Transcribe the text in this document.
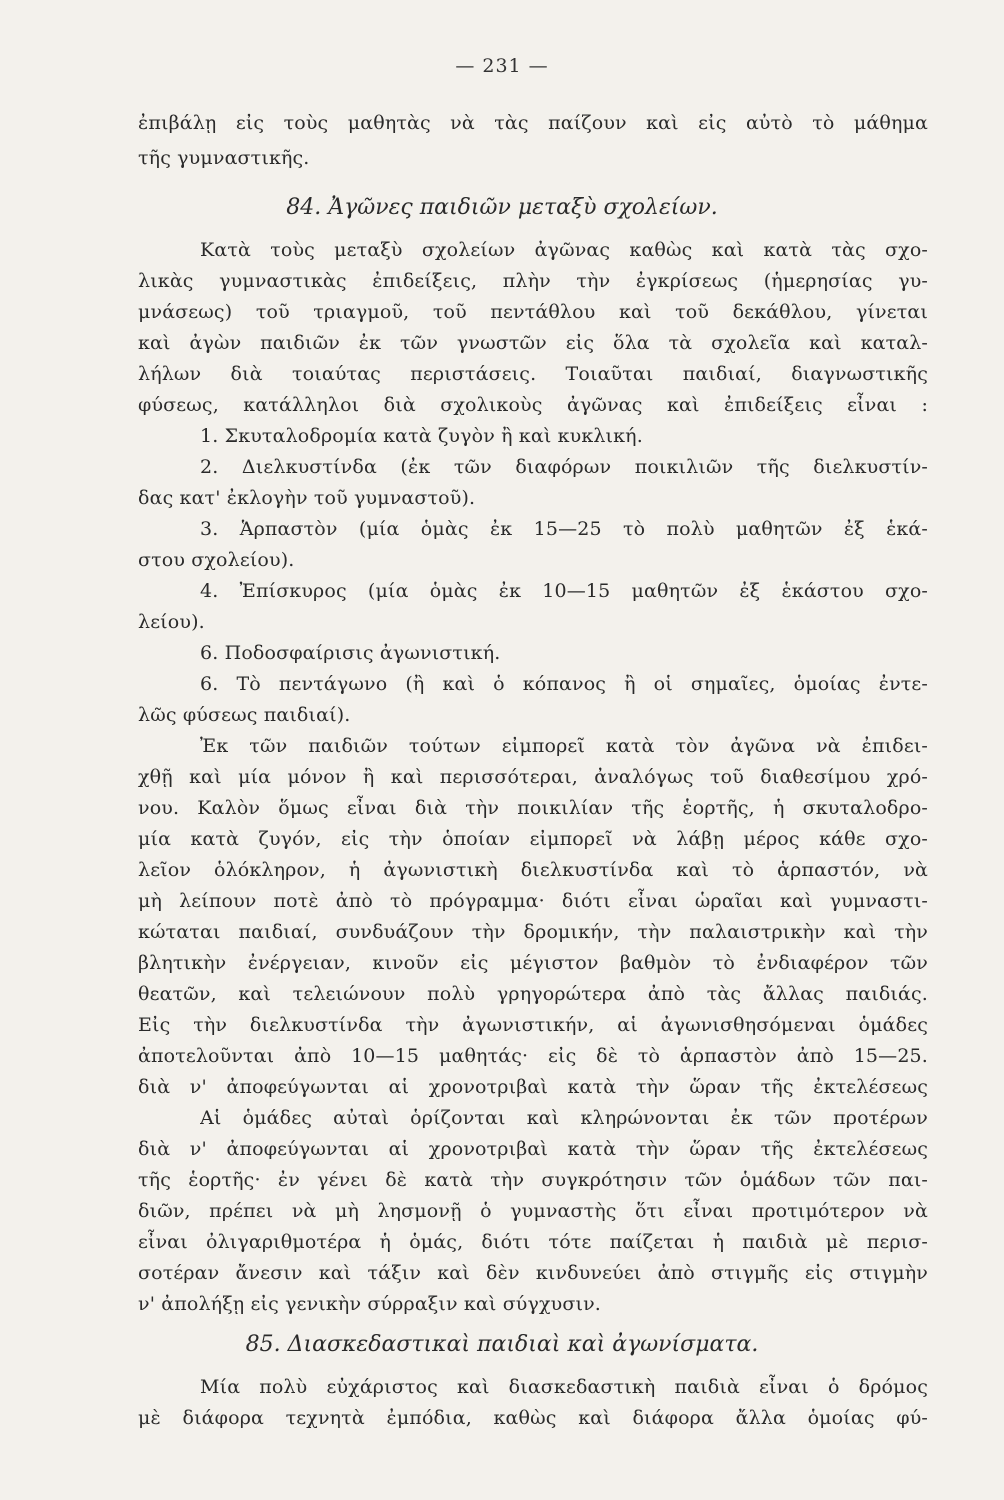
— 231 —
ἐπιβάλῃ εἰς τοὺς μαθητὰς νὰ τὰς παίζουν καὶ εἰς αὐτὸ τὸ μάθημα
τῆς γυμναστικῆς.
84. Ἀγῶνες παιδιῶν μεταξὺ σχολείων.
Κατὰ τοὺς μεταξὺ σχολείων ἀγῶνας καθὼς καὶ κατὰ τὰς σχο-
λικὰς γυμναστικὰς ἐπιδείξεις, πλὴν τὴν ἐγκρίσεως (ἡμερησίας γυ-
μνάσεως) τοῦ τριαγμοῦ, τοῦ πεντάθλου καὶ τοῦ δεκάθλου, γίνεται
καὶ ἀγὼν παιδιῶν ἐκ τῶν γνωστῶν εἰς ὅλα τὰ σχολεῖα καὶ καταλ-
λήλων διὰ τοιαύτας περιστάσεις. Τοιαῦται παιδιαί, διαγνωστικῆς
φύσεως, κατάλληλοι διὰ σχολικοὺς ἀγῶνας καὶ ἐπιδείξεις εἶναι :
1. Σκυταλοδρομία κατὰ ζυγὸν ἢ καὶ κυκλική.
2. Διελκυστίνδα (ἐκ τῶν διαφόρων ποικιλιῶν τῆς διελκυστίν-
δας κατ' ἐκλογὴν τοῦ γυμναστοῦ).
3. Ἁρπαστὸν (μία ὁμὰς ἐκ 15—25 τὸ πολὺ μαθητῶν ἐξ ἑκά-
στου σχολείου).
4. Ἐπίσκυρος (μία ὁμὰς ἐκ 10—15 μαθητῶν ἐξ ἑκάστου σχο-
λείου).
6. Ποδοσφαίρισις ἀγωνιστική.
6. Τὸ πεντάγωνο (ἢ καὶ ὁ κόπανος ἢ οἱ σημαῖες, ὁμοίας ἐντε-
λῶς φύσεως παιδιαί).
Ἐκ τῶν παιδιῶν τούτων εἰμπορεῖ κατὰ τὸν ἀγῶνα νὰ ἐπιδει-
χθῇ καὶ μία μόνον ἢ καὶ περισσότεραι, ἀναλόγως τοῦ διαθεσίμου χρό-
νου. Καλὸν ὅμως εἶναι διὰ τὴν ποικιλίαν τῆς ἑορτῆς, ἡ σκυταλοδρο-
μία κατὰ ζυγόν, εἰς τὴν ὁποίαν εἰμπορεῖ νὰ λάβῃ μέρος κάθε σχο-
λεῖον ὁλόκληρον, ἡ ἀγωνιστικὴ διελκυστίνδα καὶ τὸ ἁρπαστόν, νὰ
μὴ λείπουν ποτὲ ἀπὸ τὸ πρόγραμμα· διότι εἶναι ὡραῖαι καὶ γυμναστι-
κώταται παιδιαί, συνδυάζουν τὴν δρομικήν, τὴν παλαιστρικὴν καὶ τὴν
βλητικὴν ἐνέργειαν, κινοῦν εἰς μέγιστον βαθμὸν τὸ ἐνδιαφέρον τῶν
θεατῶν, καὶ τελειώνουν πολὺ γρηγορώτερα ἀπὸ τὰς ἄλλας παιδιάς.
Εἰς τὴν διελκυστίνδα τὴν ἀγωνιστικήν, αἱ ἀγωνισθησόμεναι ὁμάδες
ἀποτελοῦνται ἀπὸ 10—15 μαθητάς· εἰς δὲ τὸ ἁρπαστὸν ἀπὸ 15—25.
διὰ ν' ἀποφεύγωνται αἱ χρονοτριβαὶ κατὰ τὴν ὥραν τῆς ἐκτελέσεως
Αἱ ὁμάδες αὐταὶ ὁρίζονται καὶ κληρώνονται ἐκ τῶν προτέρων
διὰ ν' ἀποφεύγωνται αἱ χρονοτριβαὶ κατὰ τὴν ὥραν τῆς ἐκτελέσεως
τῆς ἑορτῆς· ἐν γένει δὲ κατὰ τὴν συγκρότησιν τῶν ὁμάδων τῶν παι-
διῶν, πρέπει νὰ μὴ λησμονῇ ὁ γυμναστὴς ὅτι εἶναι προτιμότερον νὰ
εἶναι ὀλιγαριθμοτέρα ἡ ὁμάς, διότι τότε παίζεται ἡ παιδιὰ μὲ περισ-
σοτέραν ἄνεσιν καὶ τάξιν καὶ δὲν κινδυνεύει ἀπὸ στιγμῆς εἰς στιγμὴν
ν' ἀπολήξῃ εἰς γενικὴν σύρραξιν καὶ σύγχυσιν.
85. Διασκεδαστικαὶ παιδιαὶ καὶ ἀγωνίσματα.
Μία πολὺ εὐχάριστος καὶ διασκεδαστικὴ παιδιὰ εἶναι ὁ δρόμος
μὲ διάφορα τεχνητὰ ἐμπόδια, καθὼς καὶ διάφορα ἄλλα ὁμοίας φύ-
